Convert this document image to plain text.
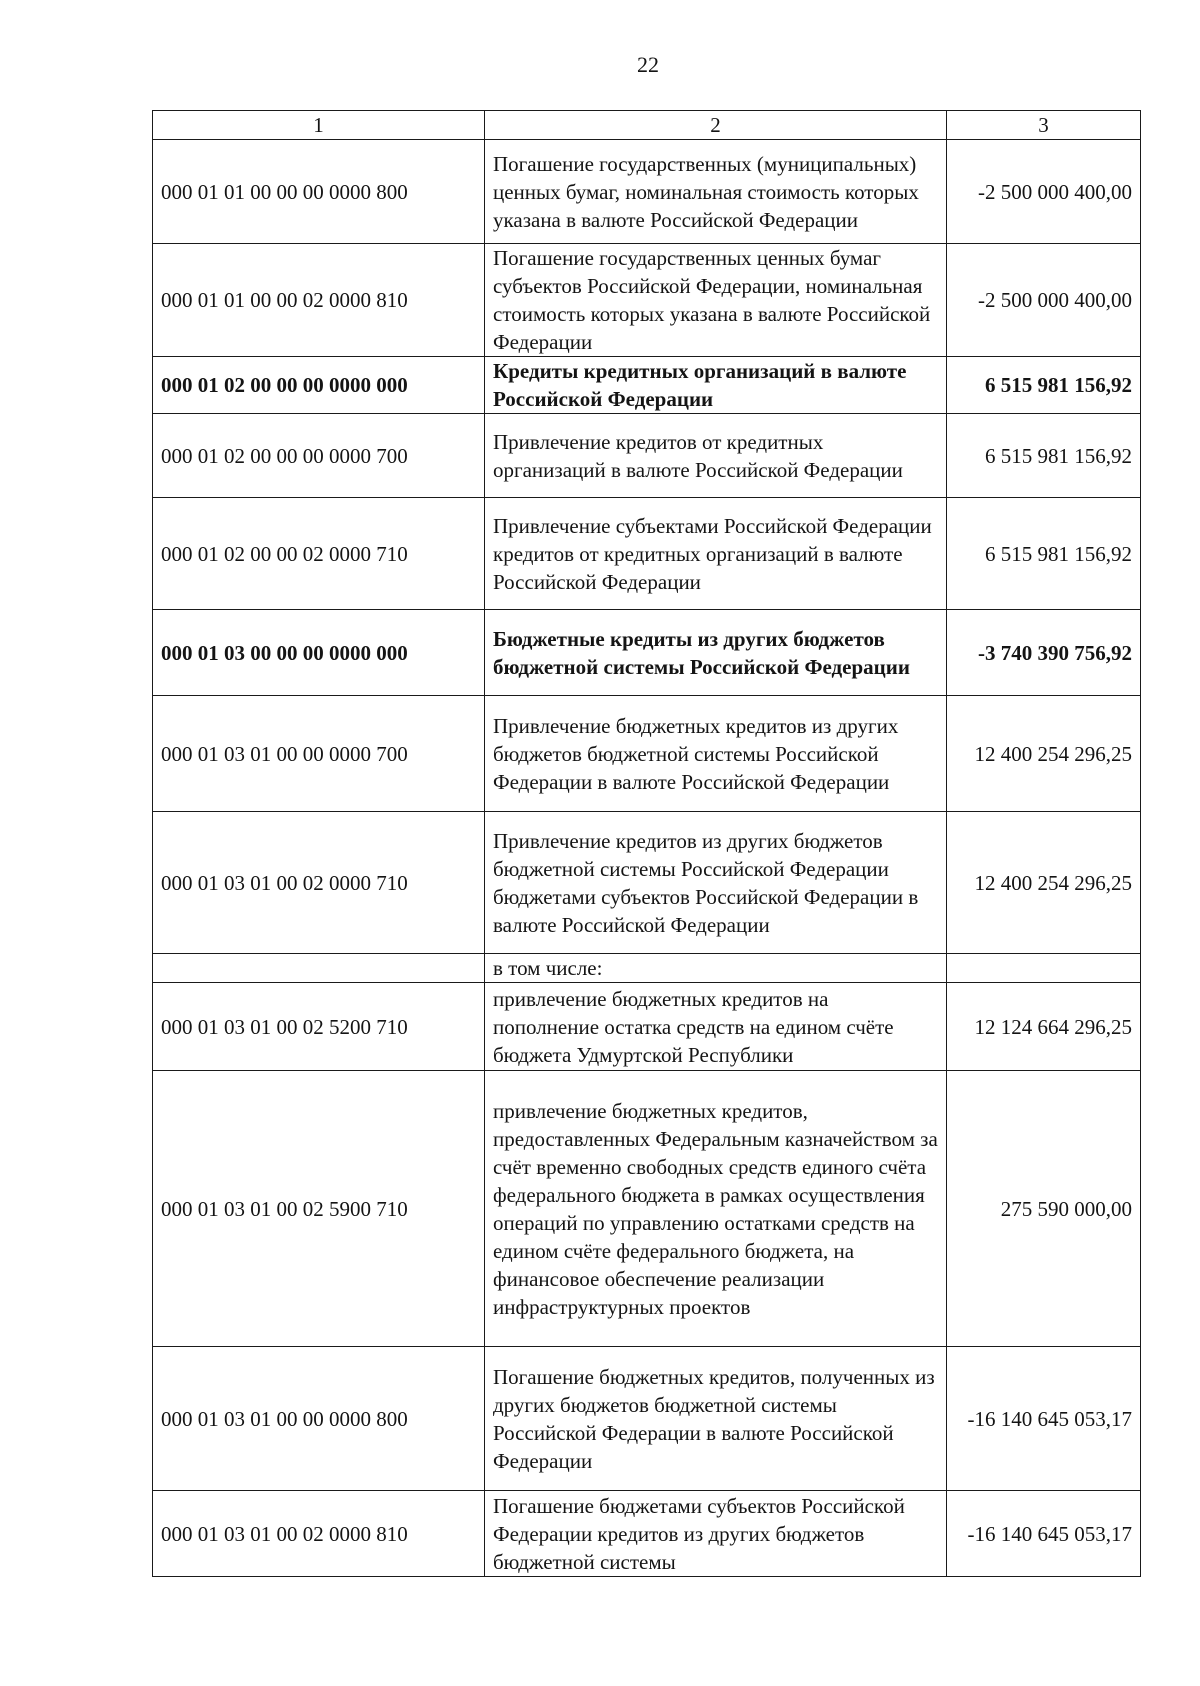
22
1	2	3
000 01 01 00 00 00 0000 800	Погашение государственных (муниципальных) ценных бумаг, номинальная стоимость которых указана в валюте Российской Федерации	-2 500 000 400,00
000 01 01 00 00 02 0000 810	Погашение государственных ценных бумаг субъектов Российской Федерации, номинальная стоимость которых указана в валюте Российской Федерации	-2 500 000 400,00
000 01 02 00 00 00 0000 000	Кредиты кредитных организаций в валюте Российской Федерации	6 515 981 156,92
000 01 02 00 00 00 0000 700	Привлечение кредитов от кредитных организаций в валюте Российской Федерации	6 515 981 156,92
000 01 02 00 00 02 0000 710	Привлечение субъектами Российской Федерации кредитов от кредитных организаций в валюте Российской Федерации	6 515 981 156,92
000 01 03 00 00 00 0000 000	Бюджетные кредиты из других бюджетов бюджетной системы Российской Федерации	-3 740 390 756,92
000 01 03 01 00 00 0000 700	Привлечение бюджетных кредитов из других бюджетов бюджетной системы Российской Федерации в валюте Российской Федерации	12 400 254 296,25
000 01 03 01 00 02 0000 710	Привлечение кредитов из других бюджетов бюджетной системы Российской Федерации бюджетами субъектов Российской Федерации в валюте Российской Федерации	12 400 254 296,25
	в том числе:	
000 01 03 01 00 02 5200 710	привлечение бюджетных кредитов на пополнение остатка средств на едином счёте бюджета Удмуртской Республики	12 124 664 296,25
000 01 03 01 00 02 5900 710	привлечение бюджетных кредитов, предоставленных Федеральным казначейством за счёт временно свободных средств единого счёта федерального бюджета в рамках осуществления операций по управлению остатками средств на едином счёте федерального бюджета, на финансовое обеспечение реализации инфраструктурных проектов	275 590 000,00
000 01 03 01 00 00 0000 800	Погашение бюджетных кредитов, полученных из других бюджетов бюджетной системы Российской Федерации в валюте Российской Федерации	-16 140 645 053,17
000 01 03 01 00 02 0000 810	Погашение бюджетами субъектов Российской Федерации кредитов из других бюджетов бюджетной системы	-16 140 645 053,17
